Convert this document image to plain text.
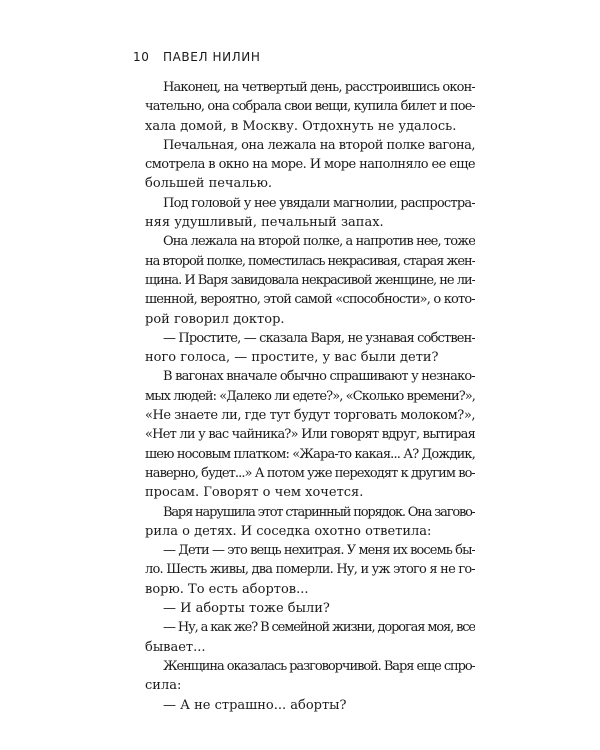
10 ПАВЕЛ НИЛИН
Наконец, на четвертый день, расстроившись окон-
чательно, она собрала свои вещи, купила билет и пое-
хала домой, в Москву. Отдохнуть не удалось.
Печальная, она лежала на второй полке вагона,
смотрела в окно на море. И море наполняло ее еще
большей печалью.
Под головой у нее увядали магнолии, распростра-
няя удушливый, печальный запах.
Она лежала на второй полке, а напротив нее, тоже
на второй полке, поместилась некрасивая, старая жен-
щина. И Варя завидовала некрасивой женщине, не ли-
шенной, вероятно, этой самой «способности», о кото-
рой говорил доктор.
— Простите, — сказала Варя, не узнавая собствен-
ного голоса, — простите, у вас были дети?
В вагонах вначале обычно спрашивают у незнако-
мых людей: «Далеко ли едете?», «Сколько времени?»,
«Не знаете ли, где тут будут торговать молоком?»,
«Нет ли у вас чайника?» Или говорят вдруг, вытирая
шею носовым платком: «Жара-то какая... А? Дождик,
наверно, будет...» А потом уже переходят к другим во-
просам. Говорят о чем хочется.
Варя нарушила этот старинный порядок. Она загово-
рила о детях. И соседка охотно ответила:
— Дети — это вещь нехитрая. У меня их восемь бы-
ло. Шесть живы, два померли. Ну, и уж этого я не го-
ворю. То есть абортов...
— И аборты тоже были?
— Ну, а как же? В семейной жизни, дорогая моя, все
бывает...
Женщина оказалась разговорчивой. Варя еще спро-
сила:
— А не страшно... аборты?
